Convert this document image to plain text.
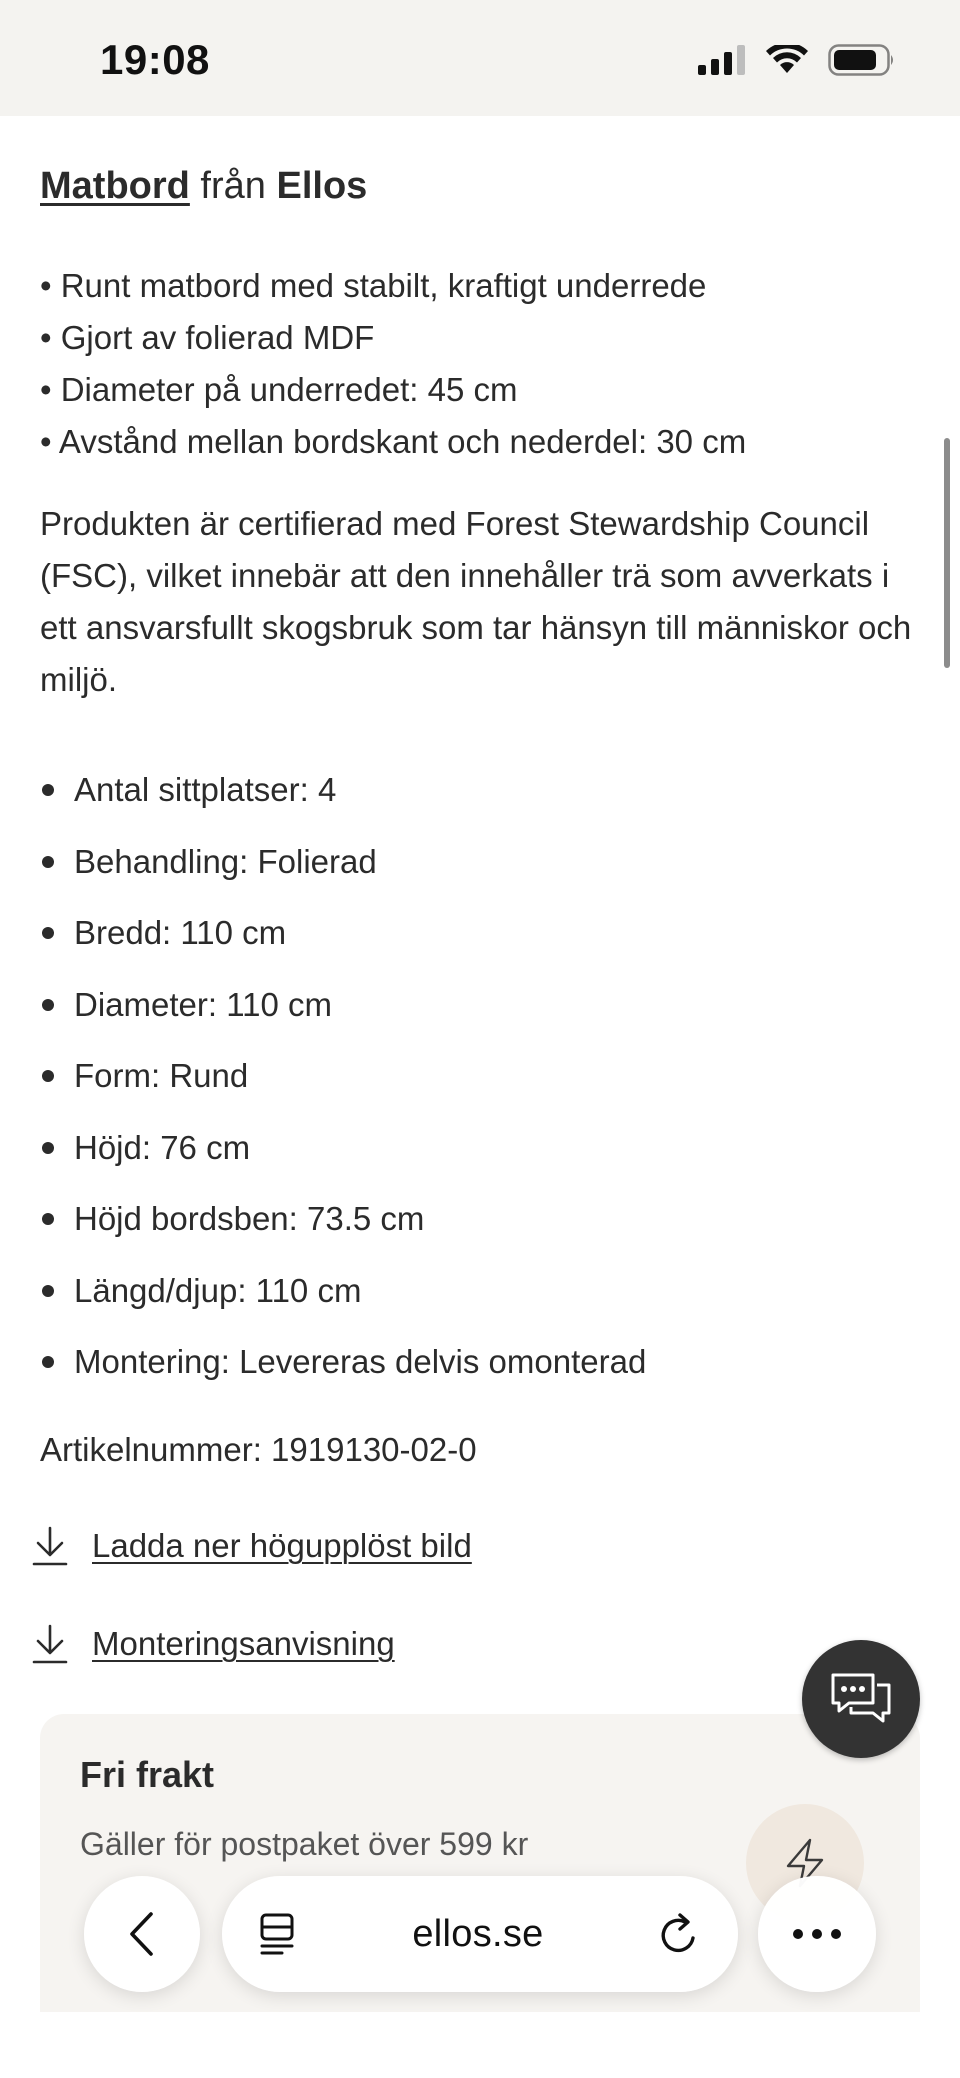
19:08
Matbord från Ellos
• Runt matbord med stabilt, kraftigt underrede
• Gjort av folierad MDF
• Diameter på underredet: 45 cm
• Avstånd mellan bordskant och nederdel: 30 cm

Produkten är certifierad med Forest Stewardship Council (FSC), vilket innebär att den innehåller trä som avverkats i ett ansvarsfullt skogsbruk som tar hänsyn till människor och miljö.

Antal sittplatser: 4
Behandling: Folierad
Bredd: 110 cm
Diameter: 110 cm
Form: Rund
Höjd: 76 cm
Höjd bordsben: 73.5 cm
Längd/djup: 110 cm
Montering: Levereras delvis omonterad
Artikelnummer: 1919130-02-0
Ladda ner högupplöst bild
Monteringsanvisning
Fri frakt
Gäller för postpaket över 599 kr
ellos.se
